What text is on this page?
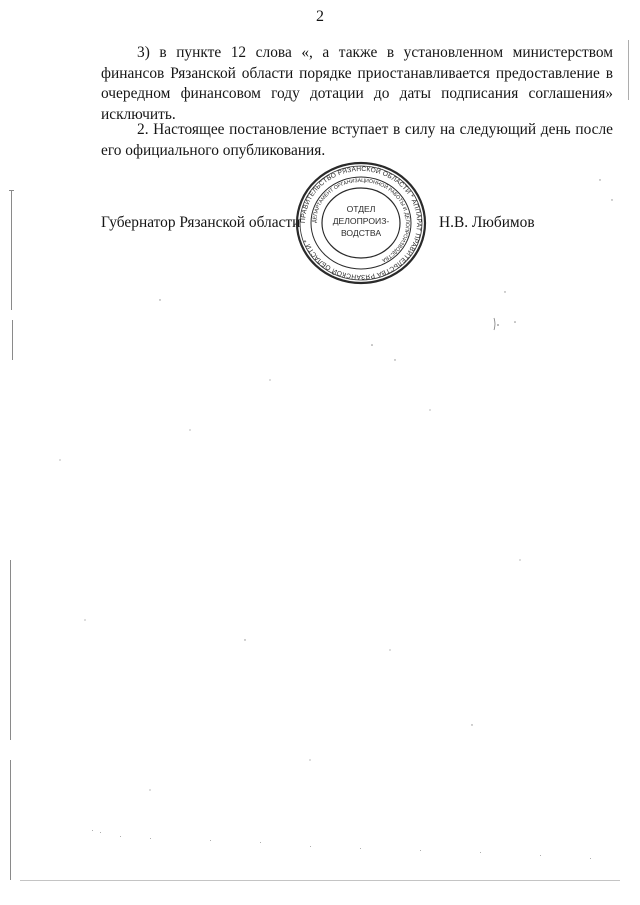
2
3) в пункте 12 слова «, а также в установленном министерством финансов Рязанской области порядке приостанавливается предоставление в очередном финансовом году дотации до даты подписания соглашения» исключить.
2. Настоящее постановление вступает в силу на следующий день после его официального опубликования.
Губернатор Рязанской области	Н.В. Любимов
ПРАВИТЕЛЬСТВО РЯЗАНСКОЙ ОБЛАСТИ * АППАРАТ ПРАВИТЕЛЬСТВА РЯЗАНСКОЙ ОБЛАСТИ *
ДЕПАРТАМЕНТ ОРГАНИЗАЦИОННОЙ РАБОТЫ И ДЕЛОПРОИЗВОДСТВА
ОТДЕЛ
ДЕЛОПРОИЗ-
ВОДСТВА
